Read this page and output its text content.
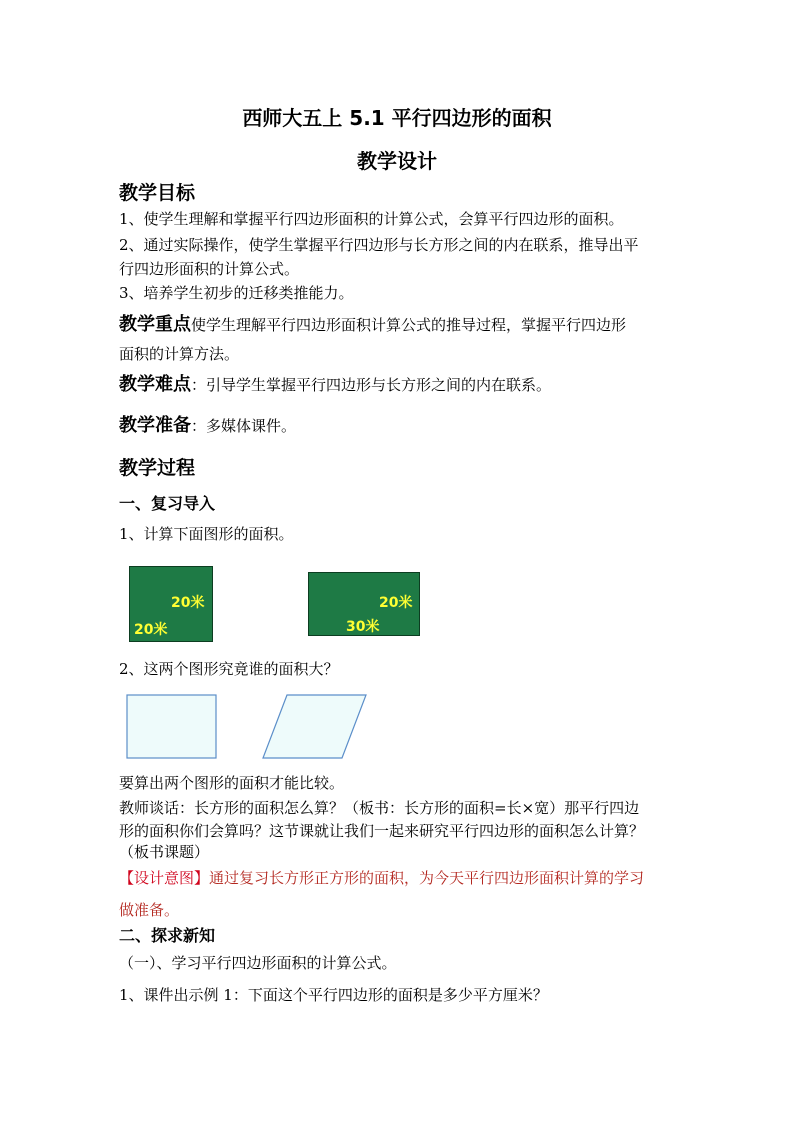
西师大五上 5.1 平行四边形的面积
教学设计
教学目标
1、使学生理解和掌握平行四边形面积的计算公式，会算平行四边形的面积。
2、通过实际操作，使学生掌握平行四边形与长方形之间的内在联系，推导出平
行四边形面积的计算公式。
3、培养学生初步的迁移类推能力。
教学重点使学生理解平行四边形面积计算公式的推导过程，掌握平行四边形
面积的计算方法。
教学难点：引导学生掌握平行四边形与长方形之间的内在联系。
教学准备：多媒体课件。
教学过程
一、复习导入
1、计算下面图形的面积。
20米
20米
20米
30米
2、这两个图形究竟谁的面积大？
要算出两个图形的面积才能比较。
教师谈话：长方形的面积怎么算？（板书：长方形的面积=长×宽）那平行四边
形的面积你们会算吗？这节课就让我们一起来研究平行四边形的面积怎么计算？
（板书课题）
【设计意图】通过复习长方形正方形的面积，为今天平行四边形面积计算的学习
做准备。
二、探求新知
（一）、学习平行四边形面积的计算公式。
1、课件出示例 1：下面这个平行四边形的面积是多少平方厘米？
